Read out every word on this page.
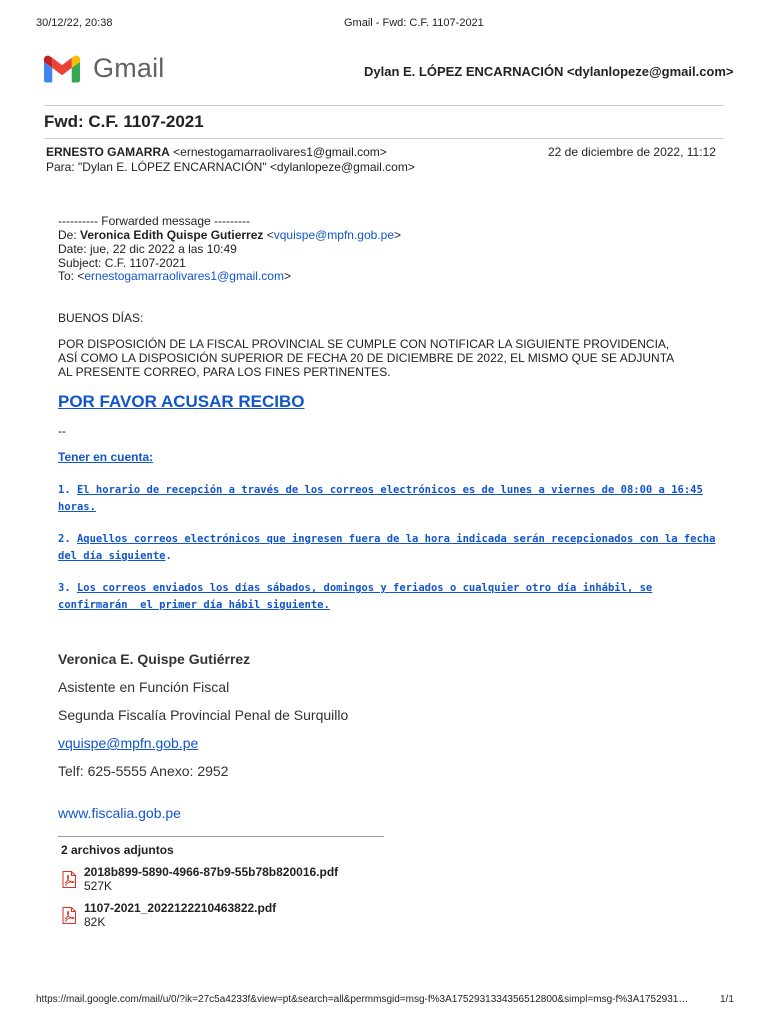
30/12/22, 20:38	Gmail - Fwd: C.F. 1107-2021
Gmail	Dylan E. LÓPEZ ENCARNACIÓN <dylanlopeze@gmail.com>
Fwd: C.F. 1107-2021
ERNESTO GAMARRA <ernestogamarraolivares1@gmail.com>	22 de diciembre de 2022, 11:12
Para: "Dylan E. LÓPEZ ENCARNACIÓN" <dylanlopeze@gmail.com>
---------- Forwarded message ---------
De: Veronica Edith Quispe Gutierrez <vquispe@mpfn.gob.pe>
Date: jue, 22 dic 2022 a las 10:49
Subject: C.F. 1107-2021
To: <ernestogamarraolivares1@gmail.com>
BUENOS DÍAS:
POR DISPOSICIÓN DE LA FISCAL PROVINCIAL SE CUMPLE CON NOTIFICAR LA SIGUIENTE PROVIDENCIA,
ASÍ COMO LA DISPOSICIÓN SUPERIOR DE FECHA 20 DE DICIEMBRE DE 2022, EL MISMO QUE SE ADJUNTA
AL PRESENTE CORREO, PARA LOS FINES PERTINENTES.
POR FAVOR ACUSAR RECIBO
--
Tener en cuenta:
1. El horario de recepción a través de los correos electrónicos es de lunes a viernes de 08:00 a 16:45
horas.
2. Aquellos correos electrónicos que ingresen fuera de la hora indicada serán recepcionados con la fecha
del día siguiente.
3. Los correos enviados los días sábados, domingos y feriados o cualquier otro día inhábil, se
confirmarán  el primer día hábil siguiente.
Veronica E. Quispe Gutiérrez
Asistente en Función Fiscal
Segunda Fiscalía Provincial Penal de Surquillo
vquispe@mpfn.gob.pe
Telf: 625-5555 Anexo: 2952
www.fiscalia.gob.pe
2 archivos adjuntos
2018b899-5890-4966-87b9-55b78b820016.pdf
527K
1107-2021_2022122210463822.pdf
82K
https://mail.google.com/mail/u/0/?ik=27c5a4233f&view=pt&search=all&permmsgid=msg-f%3A1752931334356512800&simpl=msg-f%3A1752931…	1/1
